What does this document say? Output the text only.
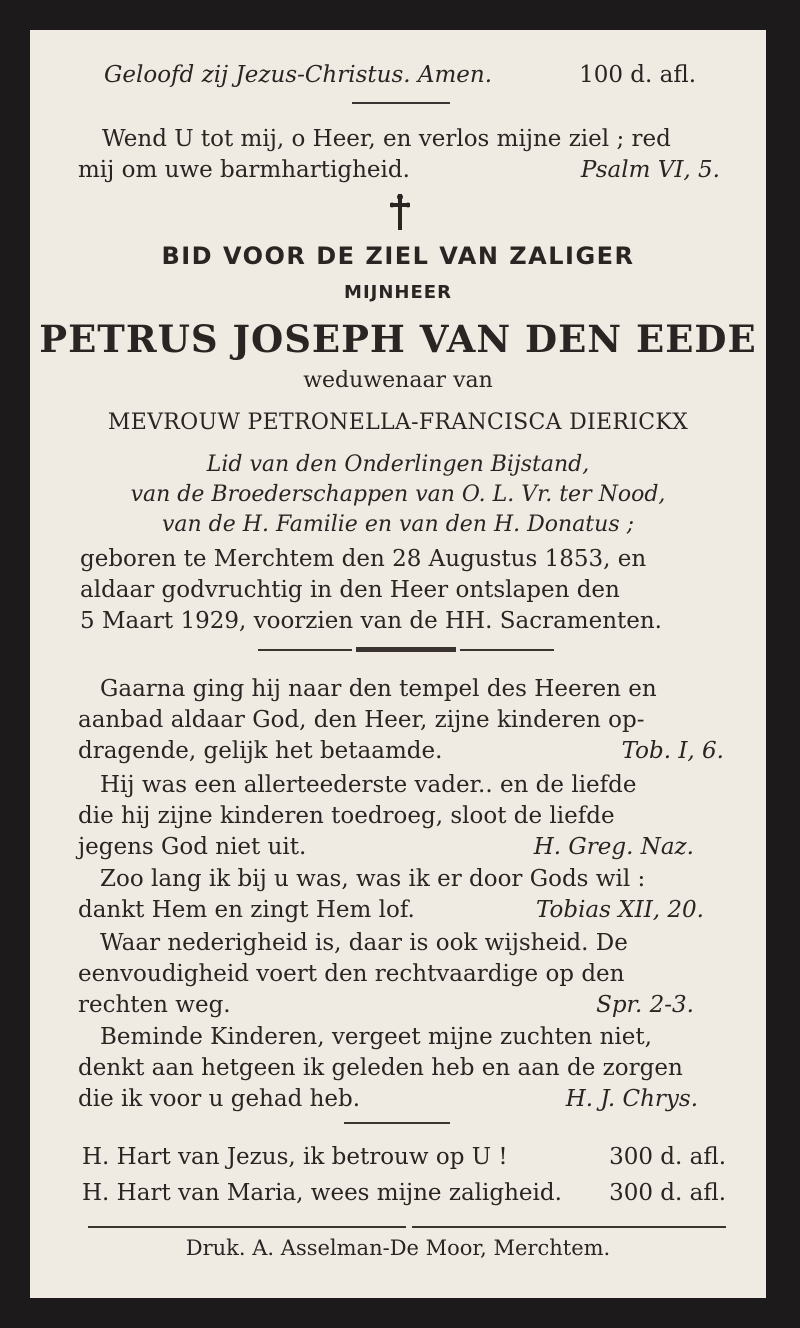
Geloofd zij Jezus-Christus. Amen.	100 d. afl.
Wend U tot mij, o Heer, en verlos mijne ziel ; red
mij om uwe barmhartigheid.	Psalm VI, 5.
BID VOOR DE ZIEL VAN ZALIGER
MIJNHEER
PETRUS JOSEPH VAN DEN EEDE
weduwenaar van
MEVROUW PETRONELLA-FRANCISCA DIERICKX
Lid van den Onderlingen Bijstand,
van de Broederschappen van O. L. Vr. ter Nood,
van de H. Familie en van den H. Donatus ;
geboren te Merchtem den 28 Augustus 1853, en
aldaar godvruchtig in den Heer ontslapen den
5 Maart 1929, voorzien van de HH. Sacramenten.
Gaarna ging hij naar den tempel des Heeren en
aanbad aldaar God, den Heer, zijne kinderen op-
dragende, gelijk het betaamde.	Tob. I, 6.
Hij was een allerteederste vader.. en de liefde
die hij zijne kinderen toedroeg, sloot de liefde
jegens God niet uit.	H. Greg. Naz.
Zoo lang ik bij u was, was ik er door Gods wil :
dankt Hem en zingt Hem lof.	Tobias XII, 20.
Waar nederigheid is, daar is ook wijsheid. De
eenvoudigheid voert den rechtvaardige op den
rechten weg.	Spr. 2-3.
Beminde Kinderen, vergeet mijne zuchten niet,
denkt aan hetgeen ik geleden heb en aan de zorgen
die ik voor u gehad heb.	H. J. Chrys.
H. Hart van Jezus, ik betrouw op U !	300 d. afl.
H. Hart van Maria, wees mijne zaligheid. 300 d. afl.
Druk. A. Asselman-De Moor, Merchtem.
